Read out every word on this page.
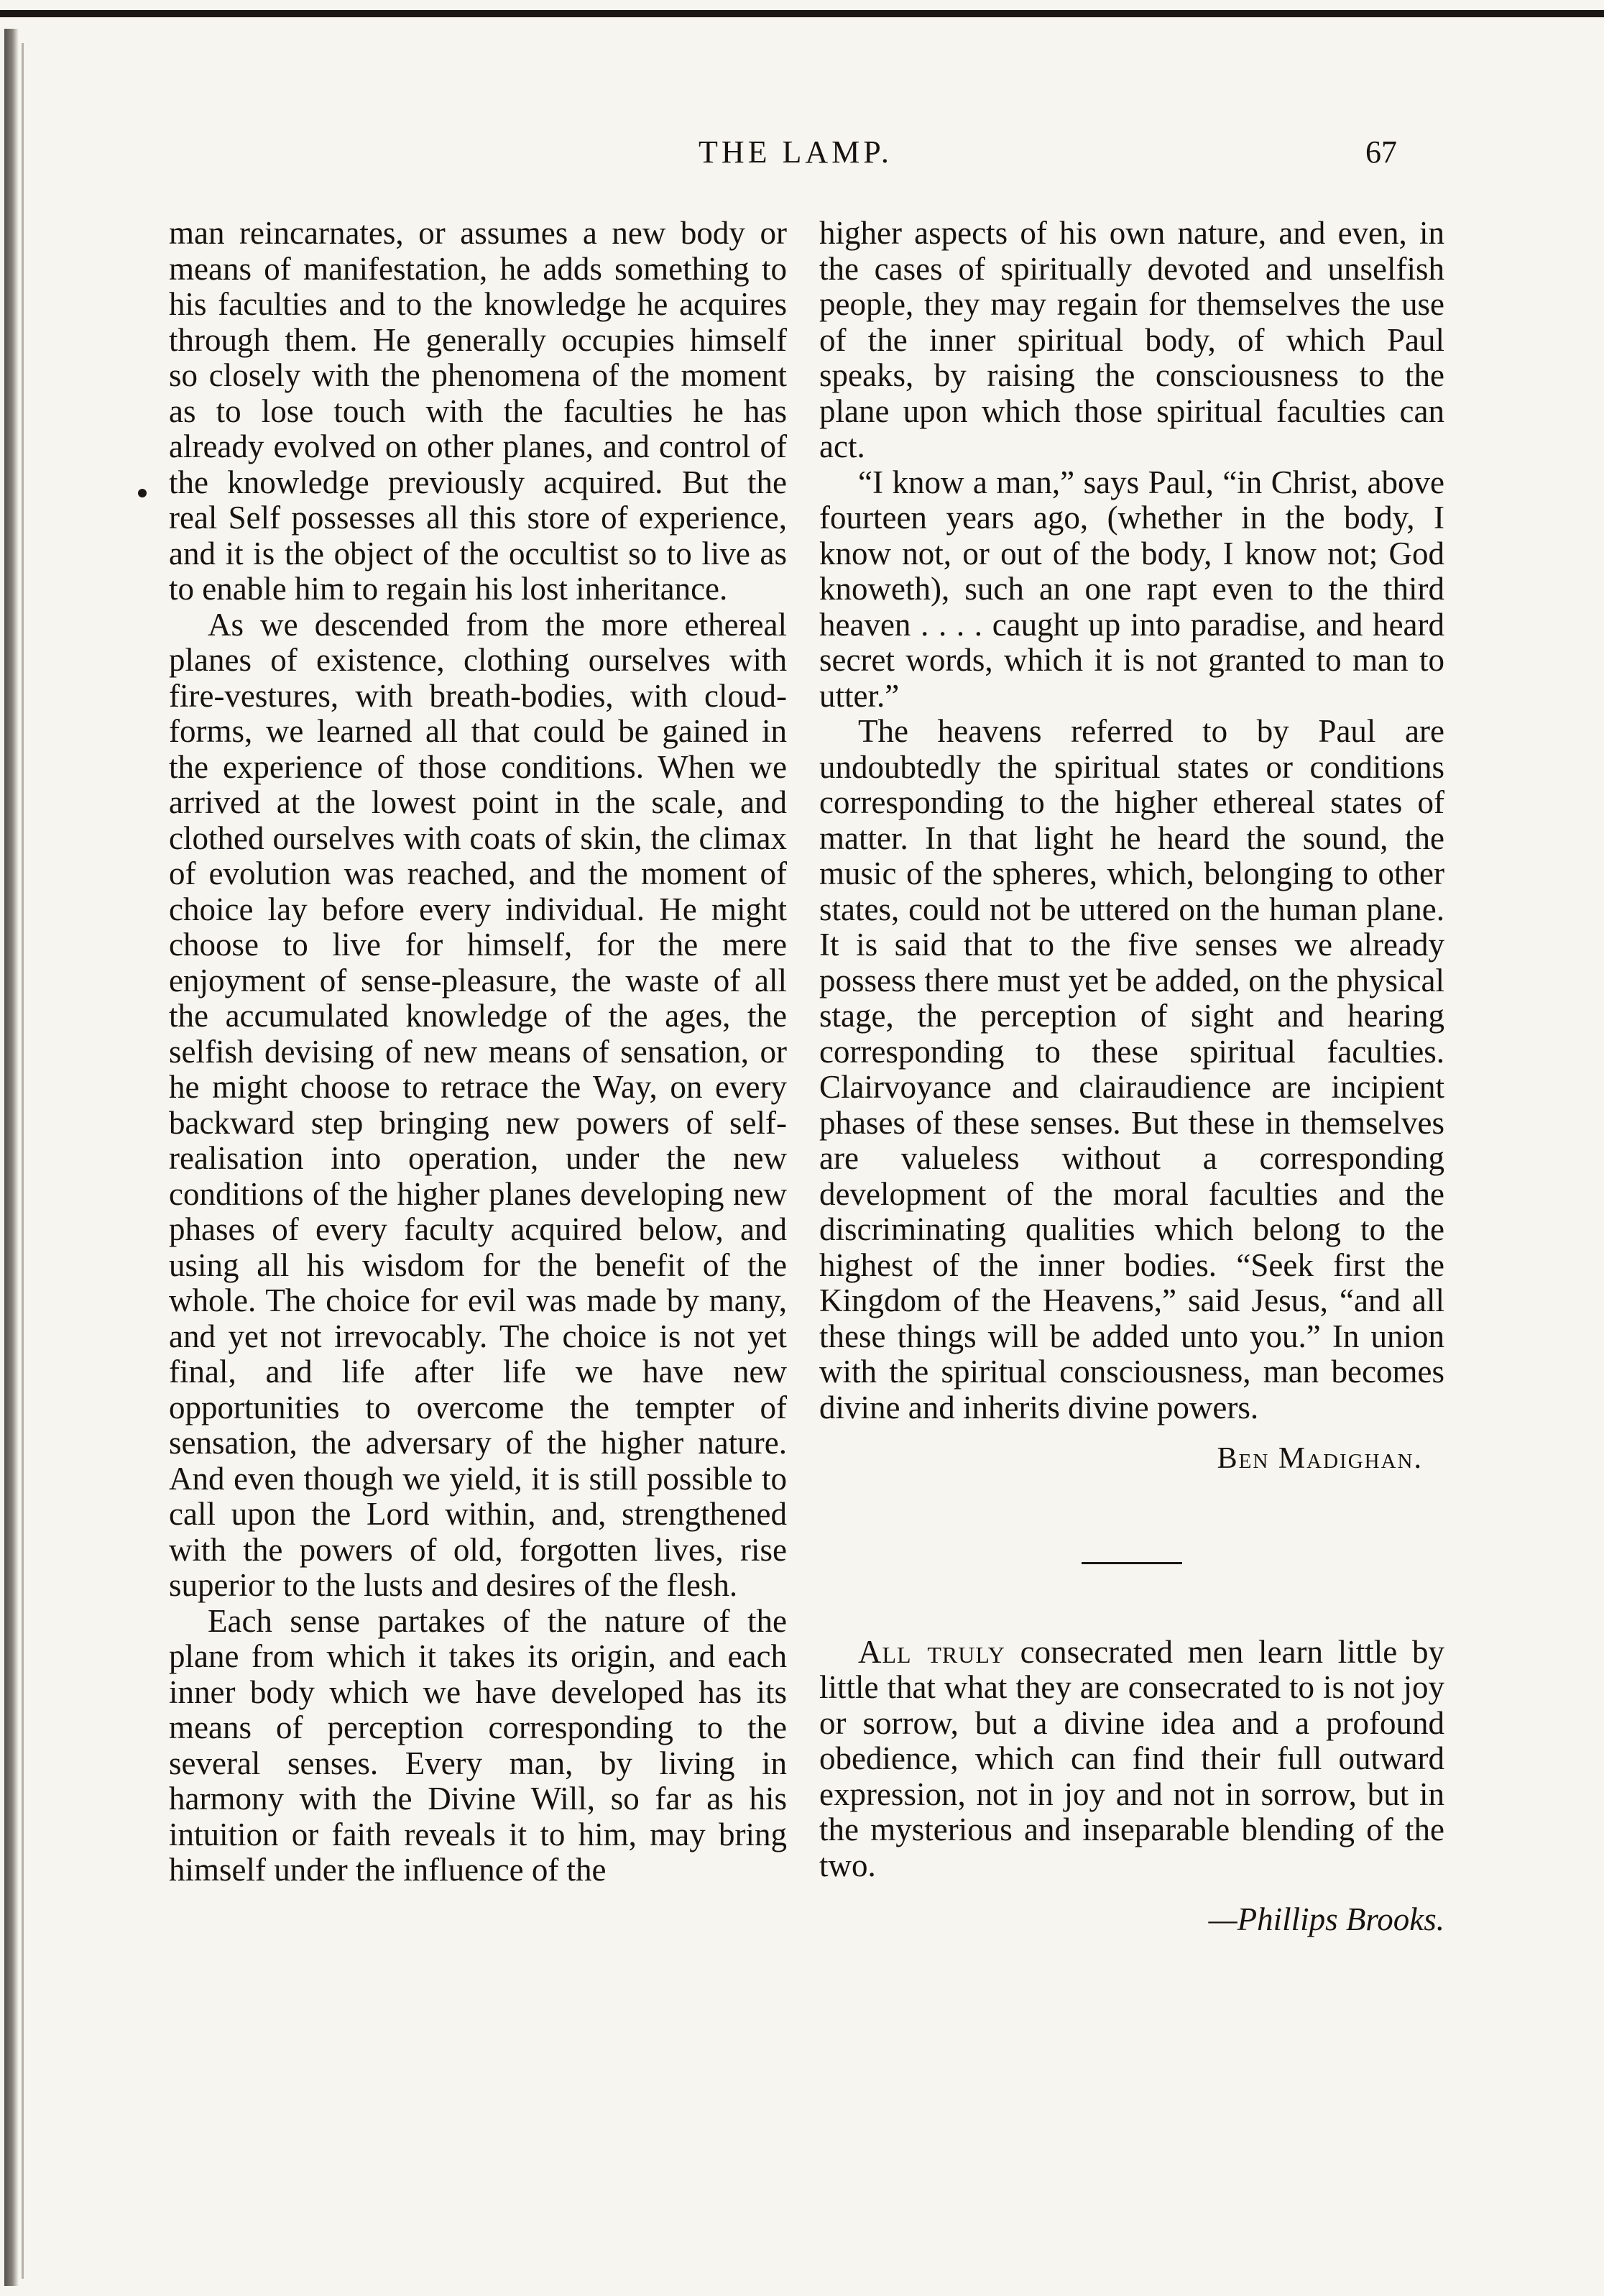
THE LAMP.	67

man reincarnates, or assumes a new body or means of manifestation, he adds something to his faculties and to the knowledge he acquires through them. He generally occupies himself so closely with the phenomena of the moment as to lose touch with the faculties he has already evolved on other planes, and control of the knowledge previously acquired. But the real Self possesses all this store of experience, and it is the object of the occultist so to live as to enable him to regain his lost inheritance.

As we descended from the more ethereal planes of existence, clothing ourselves with fire-vestures, with breath-bodies, with cloud-forms, we learned all that could be gained in the experience of those conditions. When we arrived at the lowest point in the scale, and clothed ourselves with coats of skin, the climax of evolution was reached, and the moment of choice lay before every individual. He might choose to live for himself, for the mere enjoyment of sense-pleasure, the waste of all the accumulated knowledge of the ages, the selfish devising of new means of sensation, or he might choose to retrace the Way, on every backward step bringing new powers of self-realisation into operation, under the new conditions of the higher planes developing new phases of every faculty acquired below, and using all his wisdom for the benefit of the whole. The choice for evil was made by many, and yet not irrevocably. The choice is not yet final, and life after life we have new opportunities to overcome the tempter of sensation, the adversary of the higher nature. And even though we yield, it is still possible to call upon the Lord within, and, strengthened with the powers of old, forgotten lives, rise superior to the lusts and desires of the flesh.

Each sense partakes of the nature of the plane from which it takes its origin, and each inner body which we have developed has its means of perception corresponding to the several senses. Every man, by living in harmony with the Divine Will, so far as his intuition or faith reveals it to him, may bring himself under the influence of the

higher aspects of his own nature, and even, in the cases of spiritually devoted and unselfish people, they may regain for themselves the use of the inner spiritual body, of which Paul speaks, by raising the consciousness to the plane upon which those spiritual faculties can act.

“I know a man,” says Paul, “in Christ, above fourteen years ago, (whether in the body, I know not, or out of the body, I know not; God knoweth), such an one rapt even to the third heaven . . . . caught up into paradise, and heard secret words, which it is not granted to man to utter.”

The heavens referred to by Paul are undoubtedly the spiritual states or conditions corresponding to the higher ethereal states of matter. In that light he heard the sound, the music of the spheres, which, belonging to other states, could not be uttered on the human plane. It is said that to the five senses we already possess there must yet be added, on the physical stage, the perception of sight and hearing corresponding to these spiritual faculties. Clairvoyance and clairaudience are incipient phases of these senses. But these in themselves are valueless without a corresponding development of the moral faculties and the discriminating qualities which belong to the highest of the inner bodies. “Seek first the Kingdom of the Heavens,” said Jesus, “and all these things will be added unto you.” In union with the spiritual consciousness, man becomes divine and inherits divine powers.

Ben Madighan.

All truly consecrated men learn little by little that what they are consecrated to is not joy or sorrow, but a divine idea and a profound obedience, which can find their full outward expression, not in joy and not in sorrow, but in the mysterious and inseparable blending of the two.

—Phillips Brooks.
